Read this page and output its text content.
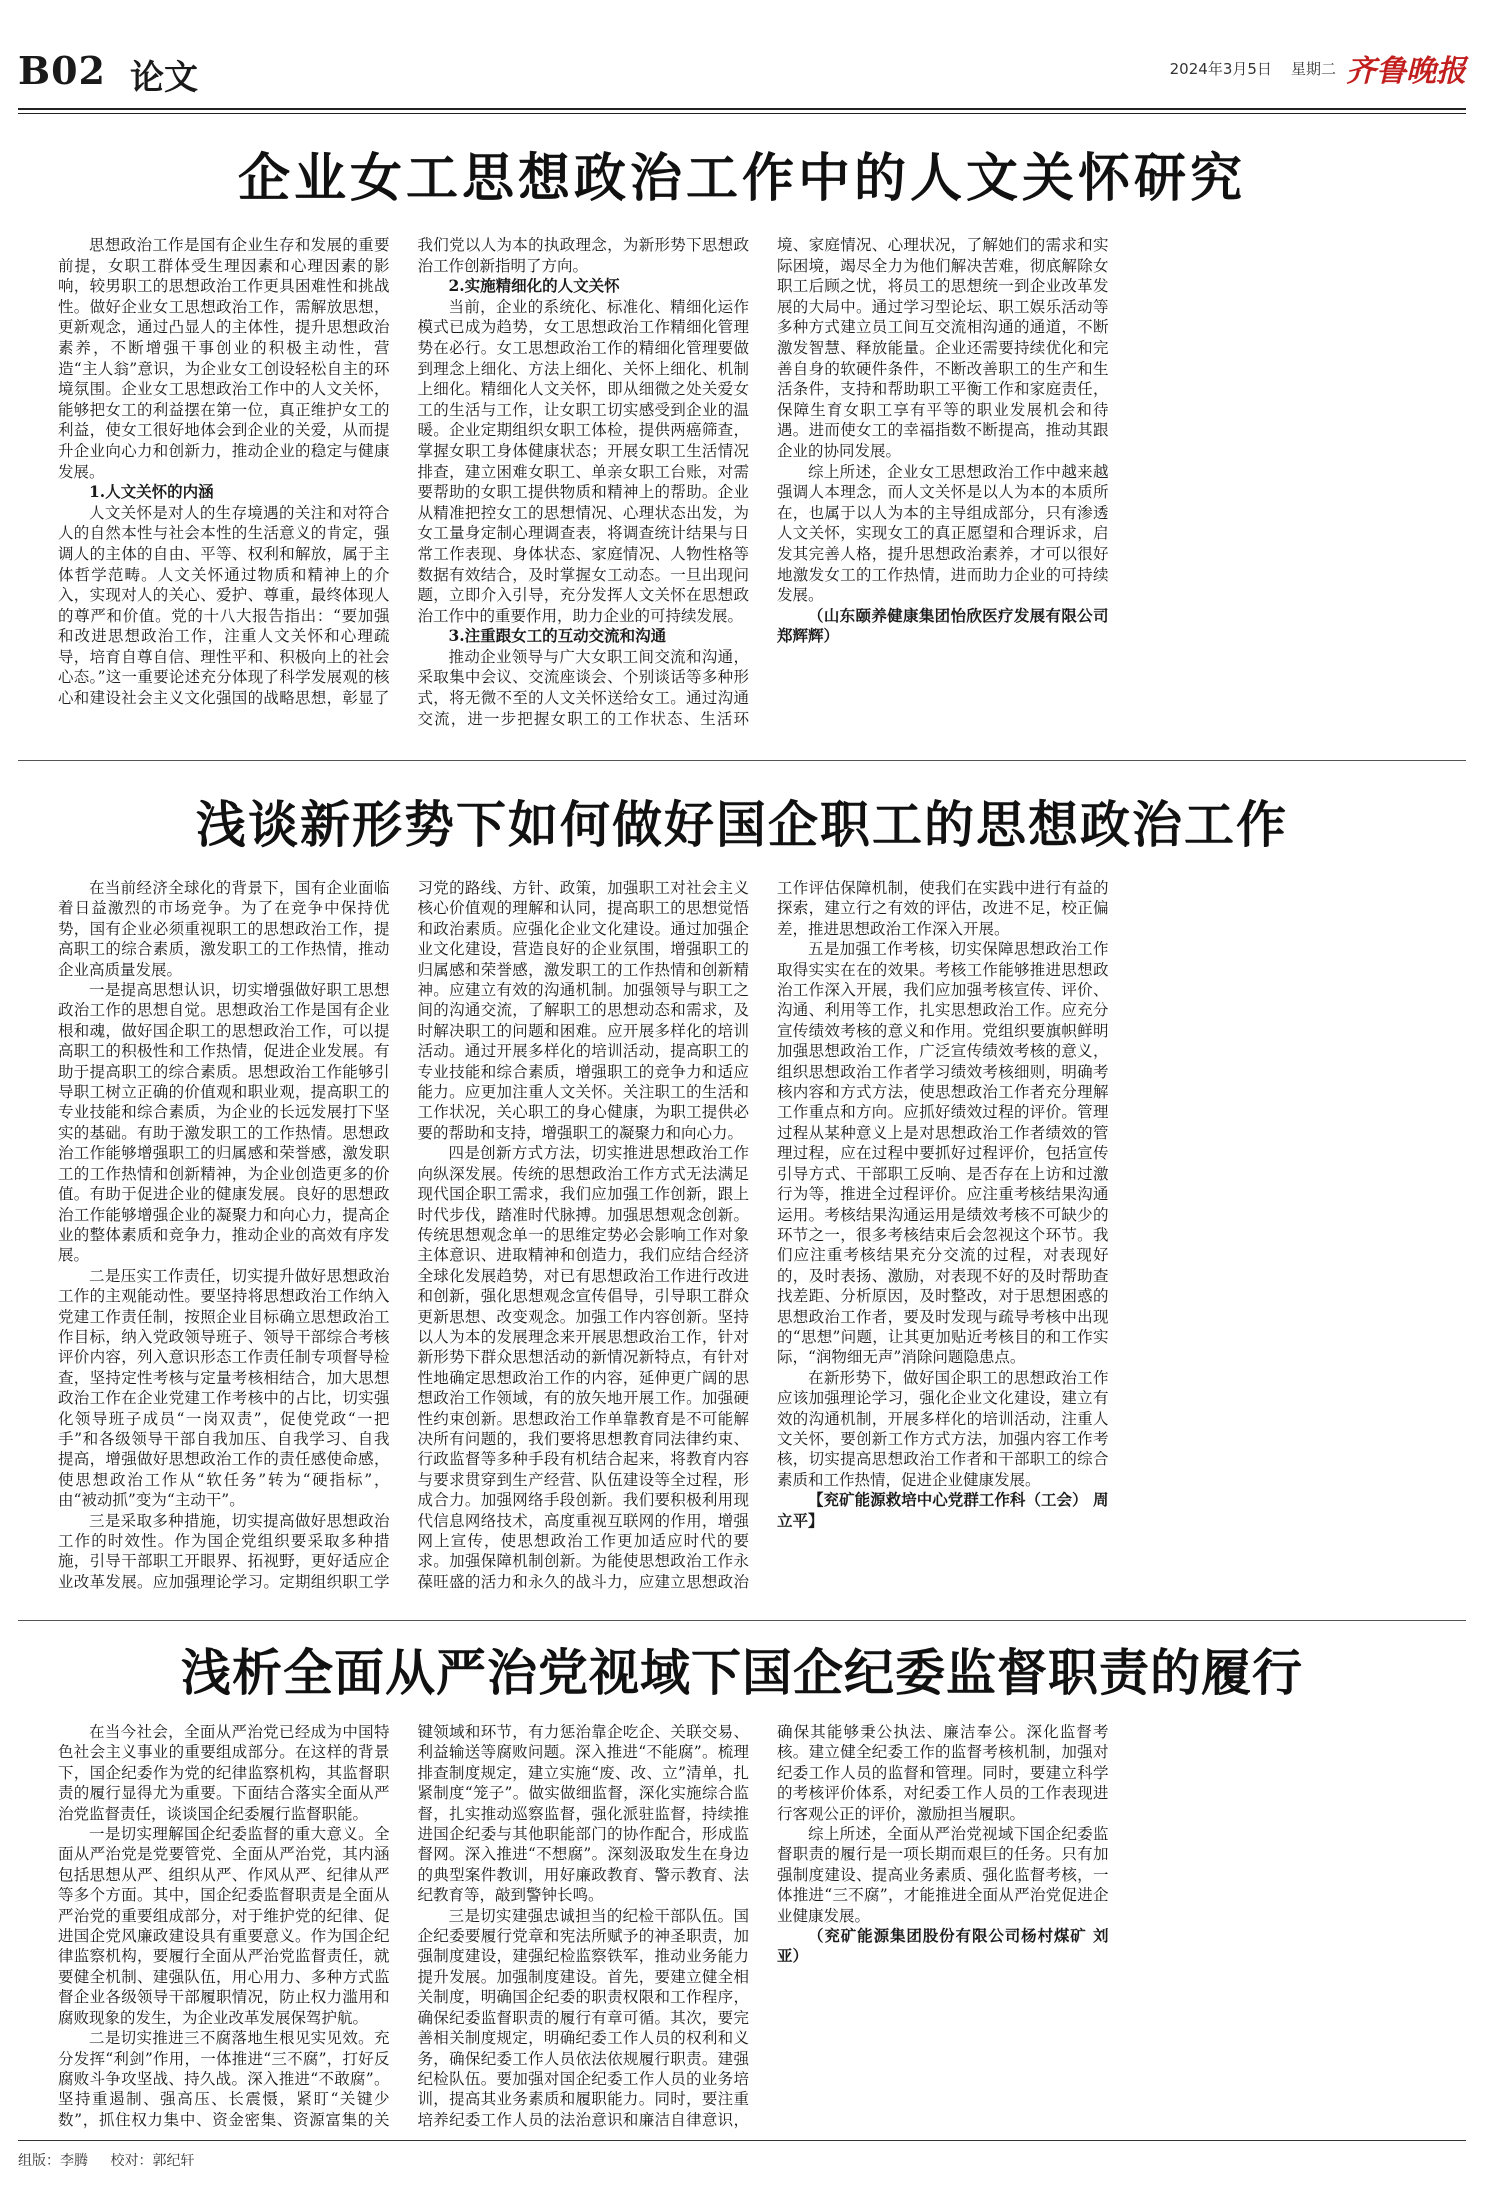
B02 论文	2024年3月5日 星期二 齐鲁晚报
企业女工思想政治工作中的人文关怀研究

思想政治工作是国有企业生存和发展的重要前提，女职工群体受生理因素和心理因素的影响，较男职工的思想政治工作更具困难性和挑战性。做好企业女工思想政治工作，需解放思想，更新观念，通过凸显人的主体性，提升思想政治素养，不断增强干事创业的积极主动性，营造“主人翁”意识，为企业女工创设轻松自主的环境氛围。企业女工思想政治工作中的人文关怀，能够把女工的利益摆在第一位，真正维护女工的利益，使女工很好地体会到企业的关爱，从而提升企业向心力和创新力，推动企业的稳定与健康发展。

1.人文关怀的内涵

人文关怀是对人的生存境遇的关注和对符合人的自然本性与社会本性的生活意义的肯定，强调人的主体的自由、平等、权利和解放，属于主体哲学范畴。人文关怀通过物质和精神上的介入，实现对人的关心、爱护、尊重，最终体现人的尊严和价值。党的十八大报告指出：“要加强和改进思想政治工作，注重人文关怀和心理疏导，培育自尊自信、理性平和、积极向上的社会心态。”这一重要论述充分体现了科学发展观的核心和建设社会主义文化强国的战略思想，彰显了我们党以人为本的执政理念，为新形势下思想政治工作创新指明了方向。

2.实施精细化的人文关怀

当前，企业的系统化、标准化、精细化运作模式已成为趋势，女工思想政治工作精细化管理势在必行。女工思想政治工作的精细化管理要做到理念上细化、方法上细化、关怀上细化、机制上细化。精细化人文关怀，即从细微之处关爱女工的生活与工作，让女职工切实感受到企业的温暖。企业定期组织女职工体检，提供两癌筛查，掌握女职工身体健康状态；开展女职工生活情况排查，建立困难女职工、单亲女职工台账，对需要帮助的女职工提供物质和精神上的帮助。企业从精准把控女工的思想情况、心理状态出发，为女工量身定制心理调查表，将调查统计结果与日常工作表现、身体状态、家庭情况、人物性格等数据有效结合，及时掌握女工动态。一旦出现问题，立即介入引导，充分发挥人文关怀在思想政治工作中的重要作用，助力企业的可持续发展。

3.注重跟女工的互动交流和沟通

推动企业领导与广大女职工间交流和沟通，采取集中会议、交流座谈会、个别谈话等多种形式，将无微不至的人文关怀送给女工。通过沟通交流，进一步把握女职工的工作状态、生活环境、家庭情况、心理状况，了解她们的需求和实际困境，竭尽全力为他们解决苦难，彻底解除女职工后顾之忧，将员工的思想统一到企业改革发展的大局中。通过学习型论坛、职工娱乐活动等多种方式建立员工间互交流相沟通的通道，不断激发智慧、释放能量。企业还需要持续优化和完善自身的软硬件条件，不断改善职工的生产和生活条件，支持和帮助职工平衡工作和家庭责任，保障生育女职工享有平等的职业发展机会和待遇。进而使女工的幸福指数不断提高，推动其跟企业的协同发展。

综上所述，企业女工思想政治工作中越来越强调人本理念，而人文关怀是以人为本的本质所在，也属于以人为本的主导组成部分，只有渗透人文关怀，实现女工的真正愿望和合理诉求，启发其完善人格，提升思想政治素养，才可以很好地激发女工的工作热情，进而助力企业的可持续发展。

（山东颐养健康集团怡欣医疗发展有限公司 郑辉辉）

浅谈新形势下如何做好国企职工的思想政治工作

在当前经济全球化的背景下，国有企业面临着日益激烈的市场竞争。为了在竞争中保持优势，国有企业必须重视职工的思想政治工作，提高职工的综合素质，激发职工的工作热情，推动企业高质量发展。

一是提高思想认识，切实增强做好职工思想政治工作的思想自觉。思想政治工作是国有企业根和魂，做好国企职工的思想政治工作，可以提高职工的积极性和工作热情，促进企业发展。有助于提高职工的综合素质。思想政治工作能够引导职工树立正确的价值观和职业观，提高职工的专业技能和综合素质，为企业的长远发展打下坚实的基础。有助于激发职工的工作热情。思想政治工作能够增强职工的归属感和荣誉感，激发职工的工作热情和创新精神，为企业创造更多的价值。有助于促进企业的健康发展。良好的思想政治工作能够增强企业的凝聚力和向心力，提高企业的整体素质和竞争力，推动企业的高效有序发展。

二是压实工作责任，切实提升做好思想政治工作的主观能动性。要坚持将思想政治工作纳入党建工作责任制，按照企业目标确立思想政治工作目标，纳入党政领导班子、领导干部综合考核评价内容，列入意识形态工作责任制专项督导检查，坚持定性考核与定量考核相结合，加大思想政治工作在企业党建工作考核中的占比，切实强化领导班子成员“一岗双责”，促使党政“一把手”和各级领导干部自我加压、自我学习、自我提高，增强做好思想政治工作的责任感使命感，使思想政治工作从“软任务”转为“硬指标”，由“被动抓”变为“主动干”。

三是采取多种措施，切实提高做好思想政治工作的时效性。作为国企党组织要采取多种措施，引导干部职工开眼界、拓视野，更好适应企业改革发展。应加强理论学习。定期组织职工学习党的路线、方针、政策，加强职工对社会主义核心价值观的理解和认同，提高职工的思想觉悟和政治素质。应强化企业文化建设。通过加强企业文化建设，营造良好的企业氛围，增强职工的归属感和荣誉感，激发职工的工作热情和创新精神。应建立有效的沟通机制。加强领导与职工之间的沟通交流，了解职工的思想动态和需求，及时解决职工的问题和困难。应开展多样化的培训活动。通过开展多样化的培训活动，提高职工的专业技能和综合素质，增强职工的竞争力和适应能力。应更加注重人文关怀。关注职工的生活和工作状况，关心职工的身心健康，为职工提供必要的帮助和支持，增强职工的凝聚力和向心力。

四是创新方式方法，切实推进思想政治工作向纵深发展。传统的思想政治工作方式无法满足现代国企职工需求，我们应加强工作创新，跟上时代步伐，踏准时代脉搏。加强思想观念创新。传统思想观念单一的思维定势必会影响工作对象主体意识、进取精神和创造力，我们应结合经济全球化发展趋势，对已有思想政治工作进行改进和创新，强化思想观念宣传倡导，引导职工群众更新思想、改变观念。加强工作内容创新。坚持以人为本的发展理念来开展思想政治工作，针对新形势下群众思想活动的新情况新特点，有针对性地确定思想政治工作的内容，延伸更广阔的思想政治工作领域，有的放矢地开展工作。加强硬性约束创新。思想政治工作单靠教育是不可能解决所有问题的，我们要将思想教育同法律约束、行政监督等多种手段有机结合起来，将教育内容与要求贯穿到生产经营、队伍建设等全过程，形成合力。加强网络手段创新。我们要积极利用现代信息网络技术，高度重视互联网的作用，增强网上宣传，使思想政治工作更加适应时代的要求。加强保障机制创新。为能使思想政治工作永葆旺盛的活力和永久的战斗力，应建立思想政治工作评估保障机制，使我们在实践中进行有益的探索，建立行之有效的评估，改进不足，校正偏差，推进思想政治工作深入开展。

五是加强工作考核，切实保障思想政治工作取得实实在在的效果。考核工作能够推进思想政治工作深入开展，我们应加强考核宣传、评价、沟通、利用等工作，扎实思想政治工作。应充分宣传绩效考核的意义和作用。党组织要旗帜鲜明加强思想政治工作，广泛宣传绩效考核的意义，组织思想政治工作者学习绩效考核细则，明确考核内容和方式方法，使思想政治工作者充分理解工作重点和方向。应抓好绩效过程的评价。管理过程从某种意义上是对思想政治工作者绩效的管理过程，应在过程中要抓好过程评价，包括宣传引导方式、干部职工反响、是否存在上访和过激行为等，推进全过程评价。应注重考核结果沟通运用。考核结果沟通运用是绩效考核不可缺少的环节之一，很多考核结束后会忽视这个环节。我们应注重考核结果充分交流的过程，对表现好的，及时表扬、激励，对表现不好的及时帮助查找差距、分析原因，及时整改，对于思想困惑的思想政治工作者，要及时发现与疏导考核中出现的“思想”问题，让其更加贴近考核目的和工作实际，“润物细无声”消除问题隐患点。

在新形势下，做好国企职工的思想政治工作应该加强理论学习，强化企业文化建设，建立有效的沟通机制，开展多样化的培训活动，注重人文关怀，要创新工作方式方法，加强内容工作考核，切实提高思想政治工作者和干部职工的综合素质和工作热情，促进企业健康发展。

【兖矿能源救培中心党群工作科（工会） 周立平】

浅析全面从严治党视域下国企纪委监督职责的履行

在当今社会，全面从严治党已经成为中国特色社会主义事业的重要组成部分。在这样的背景下，国企纪委作为党的纪律监察机构，其监督职责的履行显得尤为重要。下面结合落实全面从严治党监督责任，谈谈国企纪委履行监督职能。

一是切实理解国企纪委监督的重大意义。全面从严治党是党要管党、全面从严治党，其内涵包括思想从严、组织从严、作风从严、纪律从严等多个方面。其中，国企纪委监督职责是全面从严治党的重要组成部分，对于维护党的纪律、促进国企党风廉政建设具有重要意义。作为国企纪律监察机构，要履行全面从严治党监督责任，就要健全机制、建强队伍，用心用力、多种方式监督企业各级领导干部履职情况，防止权力滥用和腐败现象的发生，为企业改革发展保驾护航。

二是切实推进三不腐落地生根见实见效。充分发挥“利剑”作用，一体推进“三不腐”，打好反腐败斗争攻坚战、持久战。深入推进“不敢腐”。坚持重遏制、强高压、长震慑，紧盯“关键少数”，抓住权力集中、资金密集、资源富集的关键领域和环节，有力惩治靠企吃企、关联交易、利益输送等腐败问题。深入推进“不能腐”。梳理排查制度规定，建立实施“废、改、立”清单，扎紧制度“笼子”。做实做细监督，深化实施综合监督，扎实推动巡察监督，强化派驻监督，持续推进国企纪委与其他职能部门的协作配合，形成监督网。深入推进“不想腐”。深刻汲取发生在身边的典型案件教训，用好廉政教育、警示教育、法纪教育等，敲到警钟长鸣。

三是切实建强忠诚担当的纪检干部队伍。国企纪委要履行党章和宪法所赋予的神圣职责，加强制度建设，建强纪检监察铁军，推动业务能力提升发展。加强制度建设。首先，要建立健全相关制度，明确国企纪委的职责权限和工作程序，确保纪委监督职责的履行有章可循。其次，要完善相关制度规定，明确纪委工作人员的权利和义务，确保纪委工作人员依法依规履行职责。建强纪检队伍。要加强对国企纪委工作人员的业务培训，提高其业务素质和履职能力。同时，要注重培养纪委工作人员的法治意识和廉洁自律意识，确保其能够秉公执法、廉洁奉公。深化监督考核。建立健全纪委工作的监督考核机制，加强对纪委工作人员的监督和管理。同时，要建立科学的考核评价体系，对纪委工作人员的工作表现进行客观公正的评价，激励担当履职。

综上所述，全面从严治党视域下国企纪委监督职责的履行是一项长期而艰巨的任务。只有加强制度建设、提高业务素质、强化监督考核，一体推进“三不腐”，才能推进全面从严治党促进企业健康发展。

（兖矿能源集团股份有限公司杨村煤矿 刘亚）

组版：李腾 校对：郭纪轩
